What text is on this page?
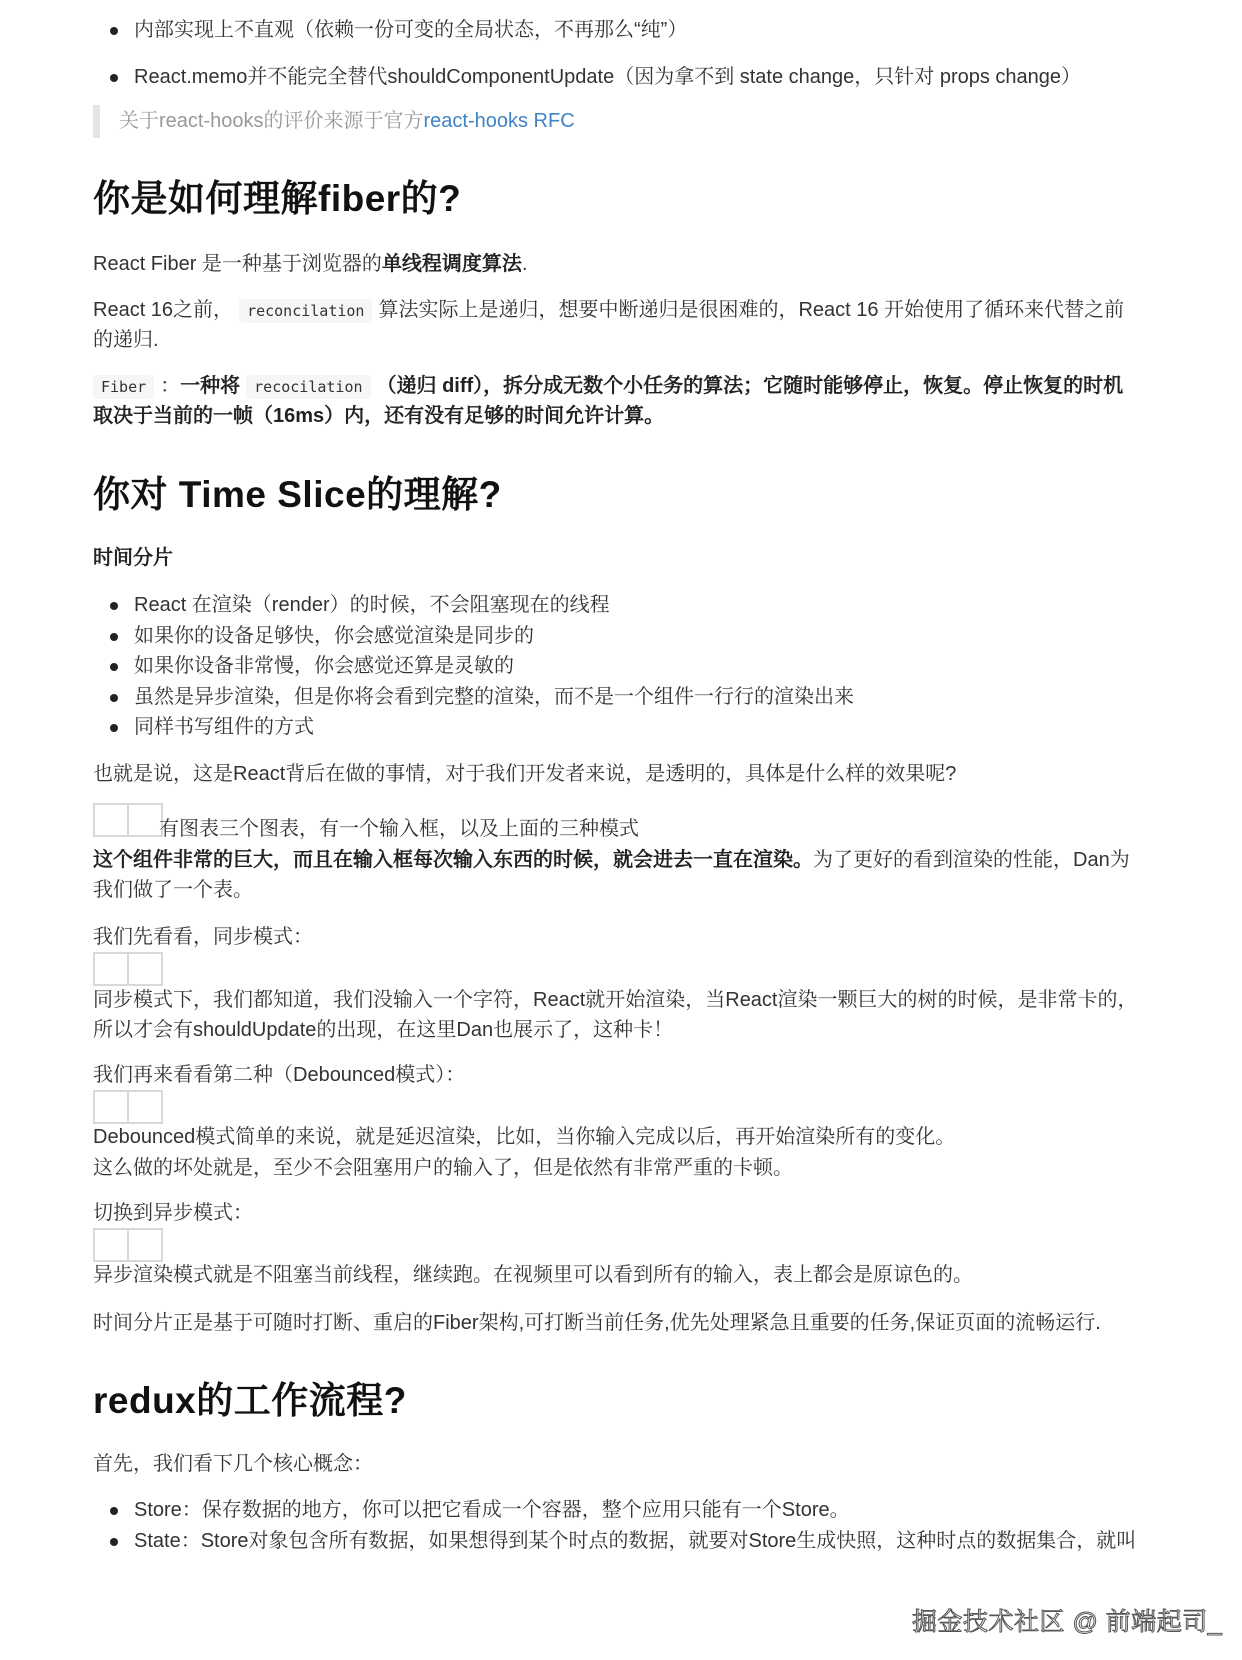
内部实现上不直观（依赖一份可变的全局状态，不再那么“纯”）
React.memo并不能完全替代shouldComponentUpdate（因为拿不到 state change，只针对 props change）
关于react-hooks的评价来源于官方react-hooks RFC
你是如何理解fiber的?
React Fiber 是一种基于浏览器的单线程调度算法.
React 16之前， reconcilation 算法实际上是递归，想要中断递归是很困难的，React 16 开始使用了循环来代替之前
的递归.
Fiber ：一种将 recocilation （递归 diff），拆分成无数个小任务的算法；它随时能够停止，恢复。停止恢复的时机
取决于当前的一帧（16ms）内，还有没有足够的时间允许计算。
你对 Time Slice的理解?
时间分片
React 在渲染（render）的时候，不会阻塞现在的线程
如果你的设备足够快，你会感觉渲染是同步的
如果你设备非常慢，你会感觉还算是灵敏的
虽然是异步渲染，但是你将会看到完整的渲染，而不是一个组件一行行的渲染出来
同样书写组件的方式
也就是说，这是React背后在做的事情，对于我们开发者来说，是透明的，具体是什么样的效果呢?
有图表三个图表，有一个输入框，以及上面的三种模式
这个组件非常的巨大，而且在输入框每次输入东西的时候，就会进去一直在渲染。为了更好的看到渲染的性能，Dan为
我们做了一个表。
我们先看看，同步模式：
同步模式下，我们都知道，我们没输入一个字符，React就开始渲染，当React渲染一颗巨大的树的时候，是非常卡的，
所以才会有shouldUpdate的出现，在这里Dan也展示了，这种卡！
我们再来看看第二种（Debounced模式）：
Debounced模式简单的来说，就是延迟渲染，比如，当你输入完成以后，再开始渲染所有的变化。
这么做的坏处就是，至少不会阻塞用户的输入了，但是依然有非常严重的卡顿。
切换到异步模式：
异步渲染模式就是不阻塞当前线程，继续跑。在视频里可以看到所有的输入，表上都会是原谅色的。
时间分片正是基于可随时打断、重启的Fiber架构,可打断当前任务,优先处理紧急且重要的任务,保证页面的流畅运行.
redux的工作流程?
首先，我们看下几个核心概念：
Store：保存数据的地方，你可以把它看成一个容器，整个应用只能有一个Store。
State：Store对象包含所有数据，如果想得到某个时点的数据，就要对Store生成快照，这种时点的数据集合，就叫
掘金技术社区 @ 前端起司_
